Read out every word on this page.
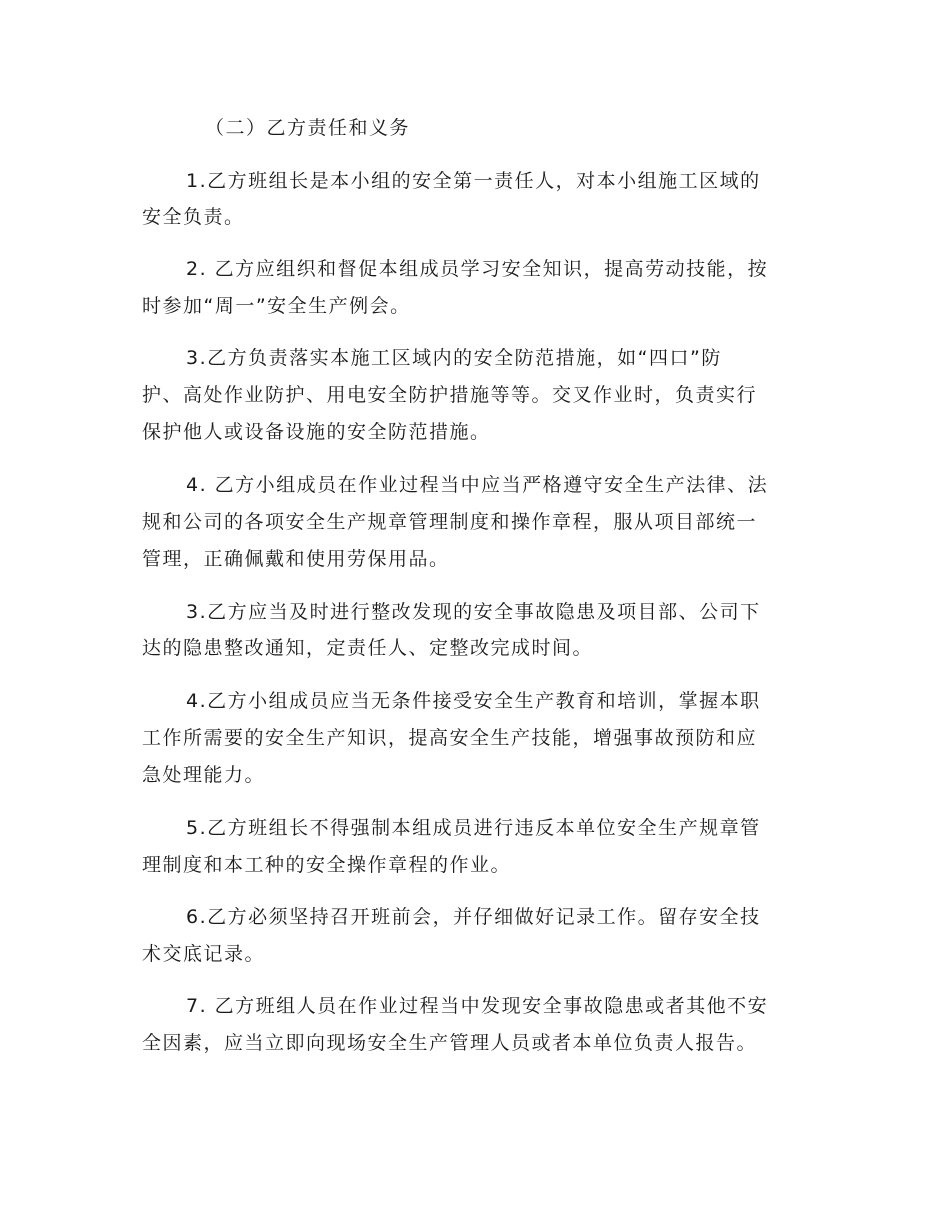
（二）乙方责任和义务
1.乙方班组长是本小组的安全第一责任人，对本小组施工区域的
安全负责。
2. 乙方应组织和督促本组成员学习安全知识，提高劳动技能，按
时参加“周一”安全生产例会。
3.乙方负责落实本施工区域内的安全防范措施，如“四口”防
护、高处作业防护、用电安全防护措施等等。交叉作业时，负责实行
保护他人或设备设施的安全防范措施。
4. 乙方小组成员在作业过程当中应当严格遵守安全生产法律、法
规和公司的各项安全生产规章管理制度和操作章程，服从项目部统一
管理，正确佩戴和使用劳保用品。
3.乙方应当及时进行整改发现的安全事故隐患及项目部、公司下
达的隐患整改通知，定责任人、定整改完成时间。
4.乙方小组成员应当无条件接受安全生产教育和培训，掌握本职
工作所需要的安全生产知识，提高安全生产技能，增强事故预防和应
急处理能力。
5.乙方班组长不得强制本组成员进行违反本单位安全生产规章管
理制度和本工种的安全操作章程的作业。
6.乙方必须坚持召开班前会，并仔细做好记录工作。留存安全技
术交底记录。
7. 乙方班组人员在作业过程当中发现安全事故隐患或者其他不安
全因素，应当立即向现场安全生产管理人员或者本单位负责人报告。
